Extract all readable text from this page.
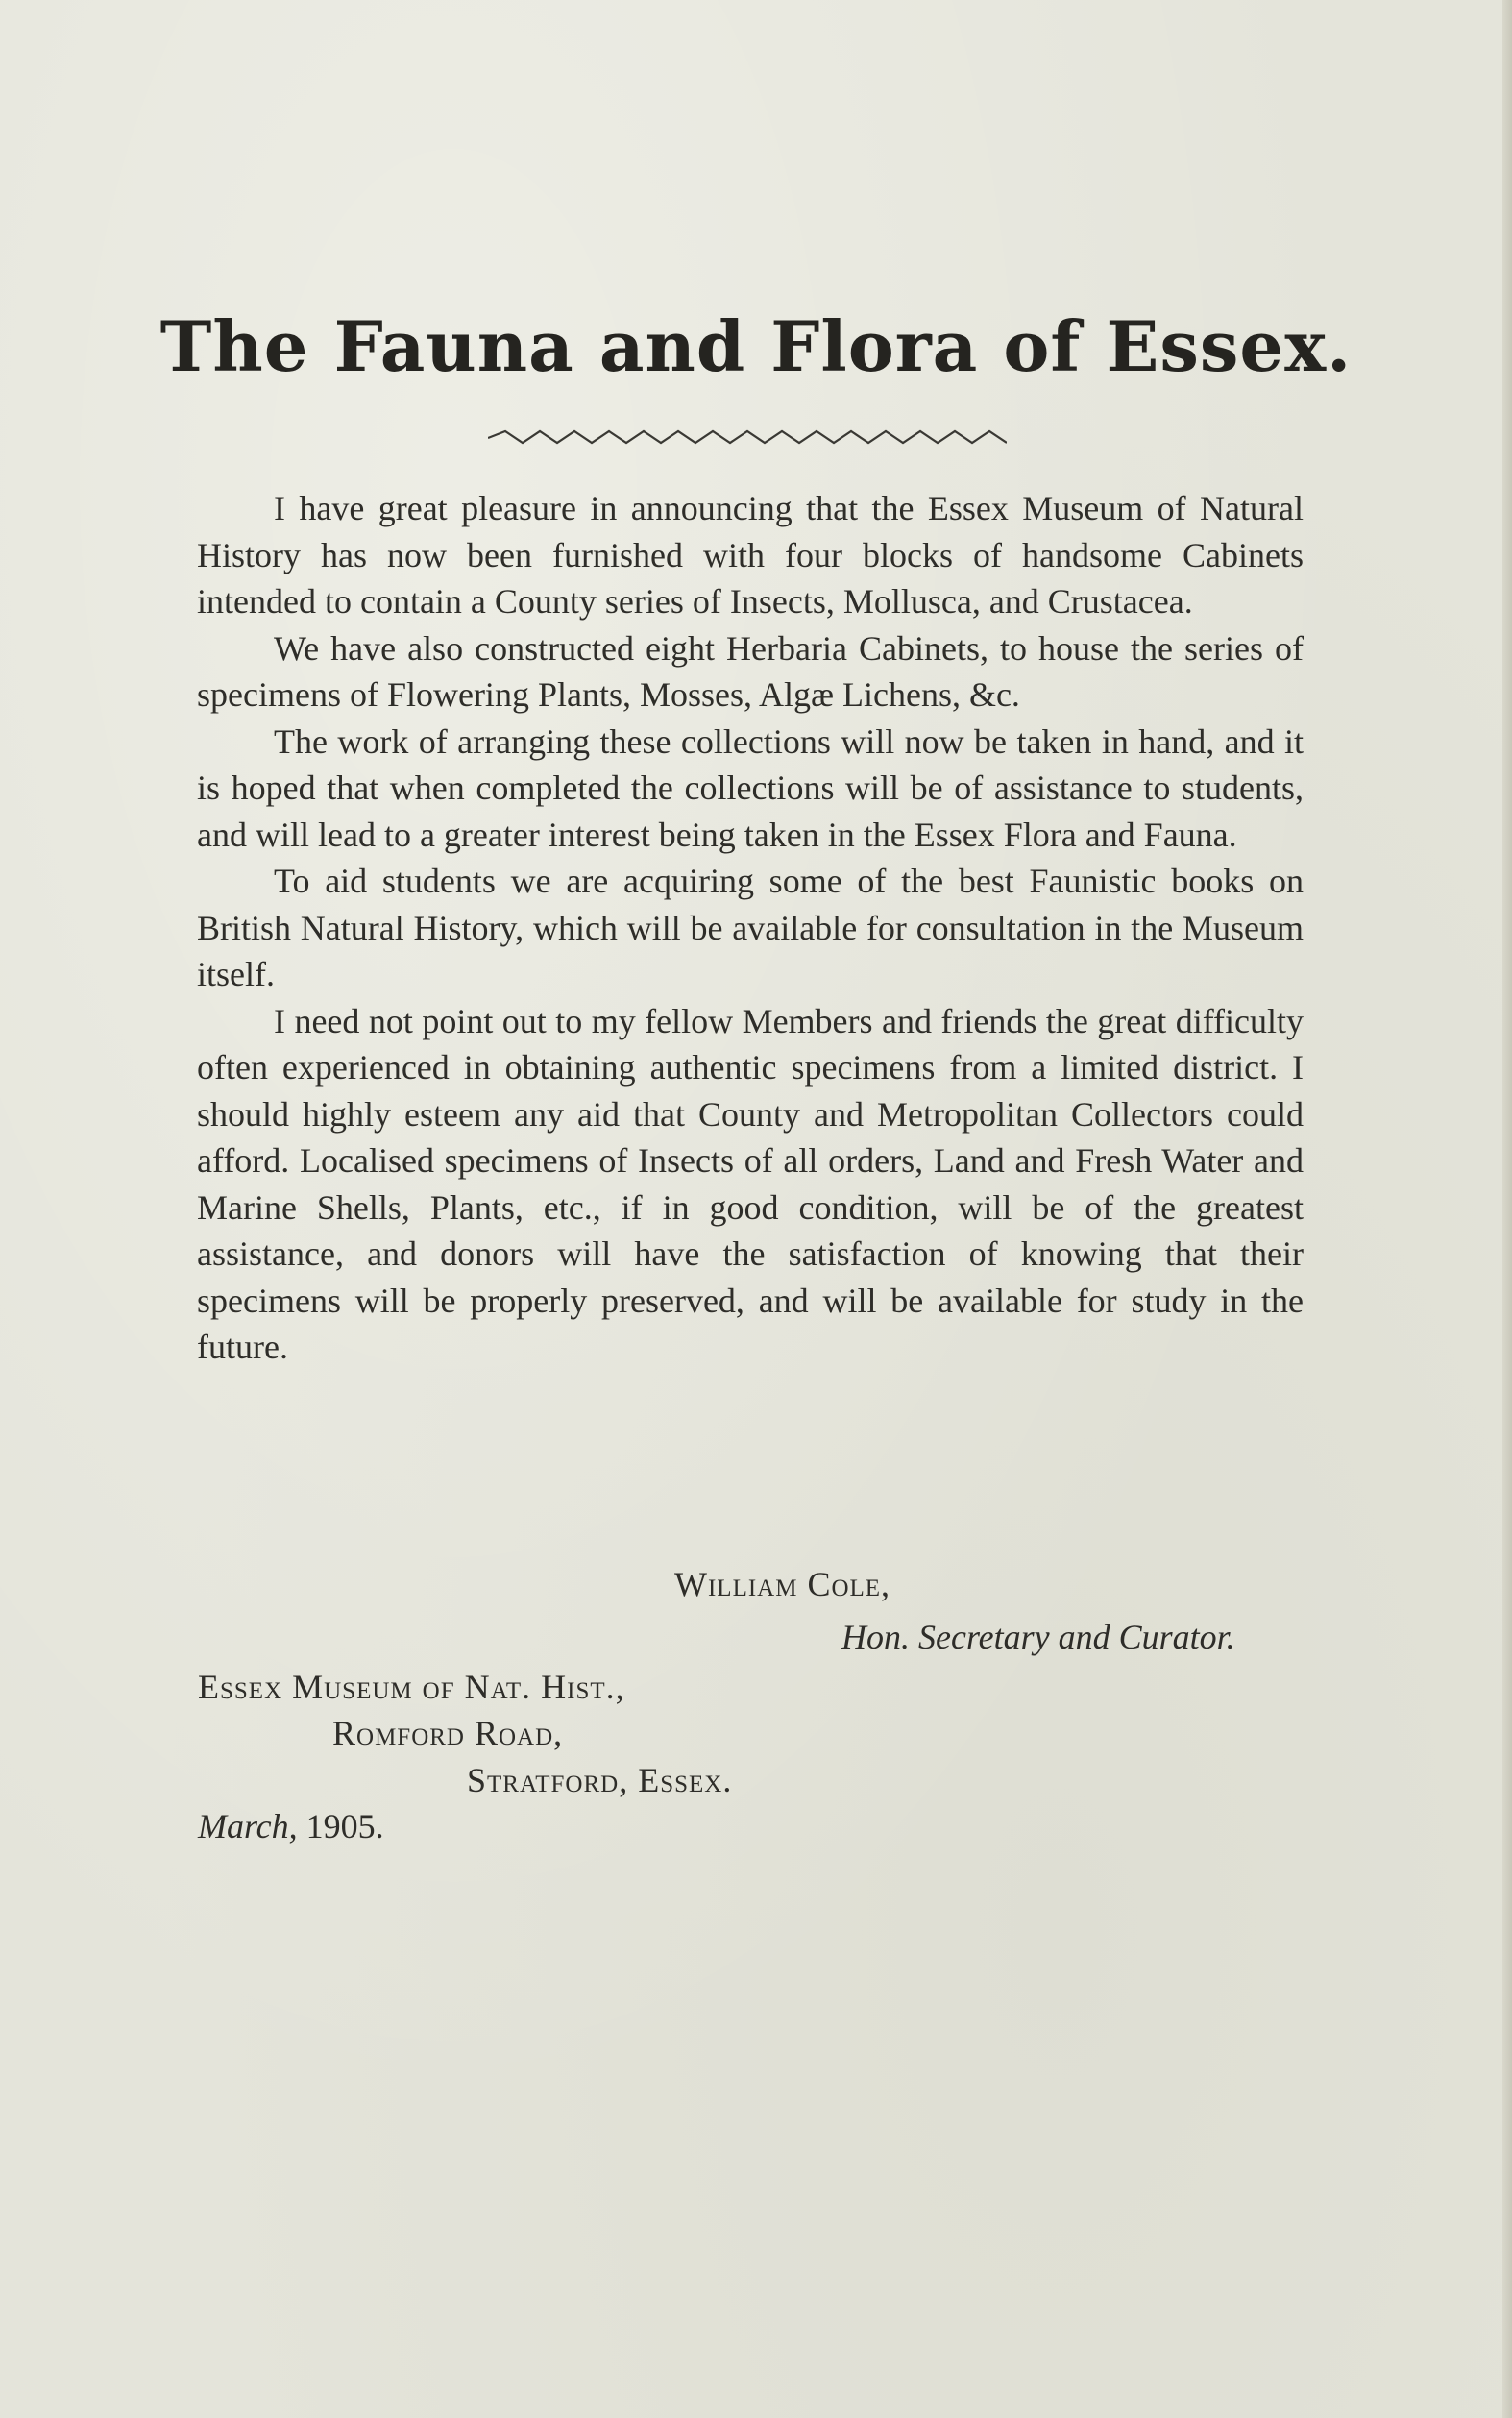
The Fauna and Flora of Essex.

I have great pleasure in announcing that the Essex Museum of Natural History has now been furnished with four blocks of handsome Cabinets intended to contain a County series of Insects, Mollusca, and Crustacea.

We have also constructed eight Herbaria Cabinets, to house the series of specimens of Flowering Plants, Mosses, Algæ Lichens, &c.

The work of arranging these collections will now be taken in hand, and it is hoped that when completed the collections will be of assistance to students, and will lead to a greater interest being taken in the Essex Flora and Fauna.

To aid students we are acquiring some of the best Faunistic books on British Natural History, which will be available for consultation in the Museum itself.

I need not point out to my fellow Members and friends the great difficulty often experienced in obtaining authentic specimens from a limited district. I should highly esteem any aid that County and Metropolitan Collectors could afford. Localised specimens of Insects of all orders, Land and Fresh Water and Marine Shells, Plants, etc., if in good condition, will be of the greatest assistance, and donors will have the satisfaction of knowing that their specimens will be properly preserved, and will be available for study in the future.

William Cole,
Hon. Secretary and Curator.
Essex Museum of Nat. Hist.,
Romford Road,
Stratford, Essex.
March, 1905.
